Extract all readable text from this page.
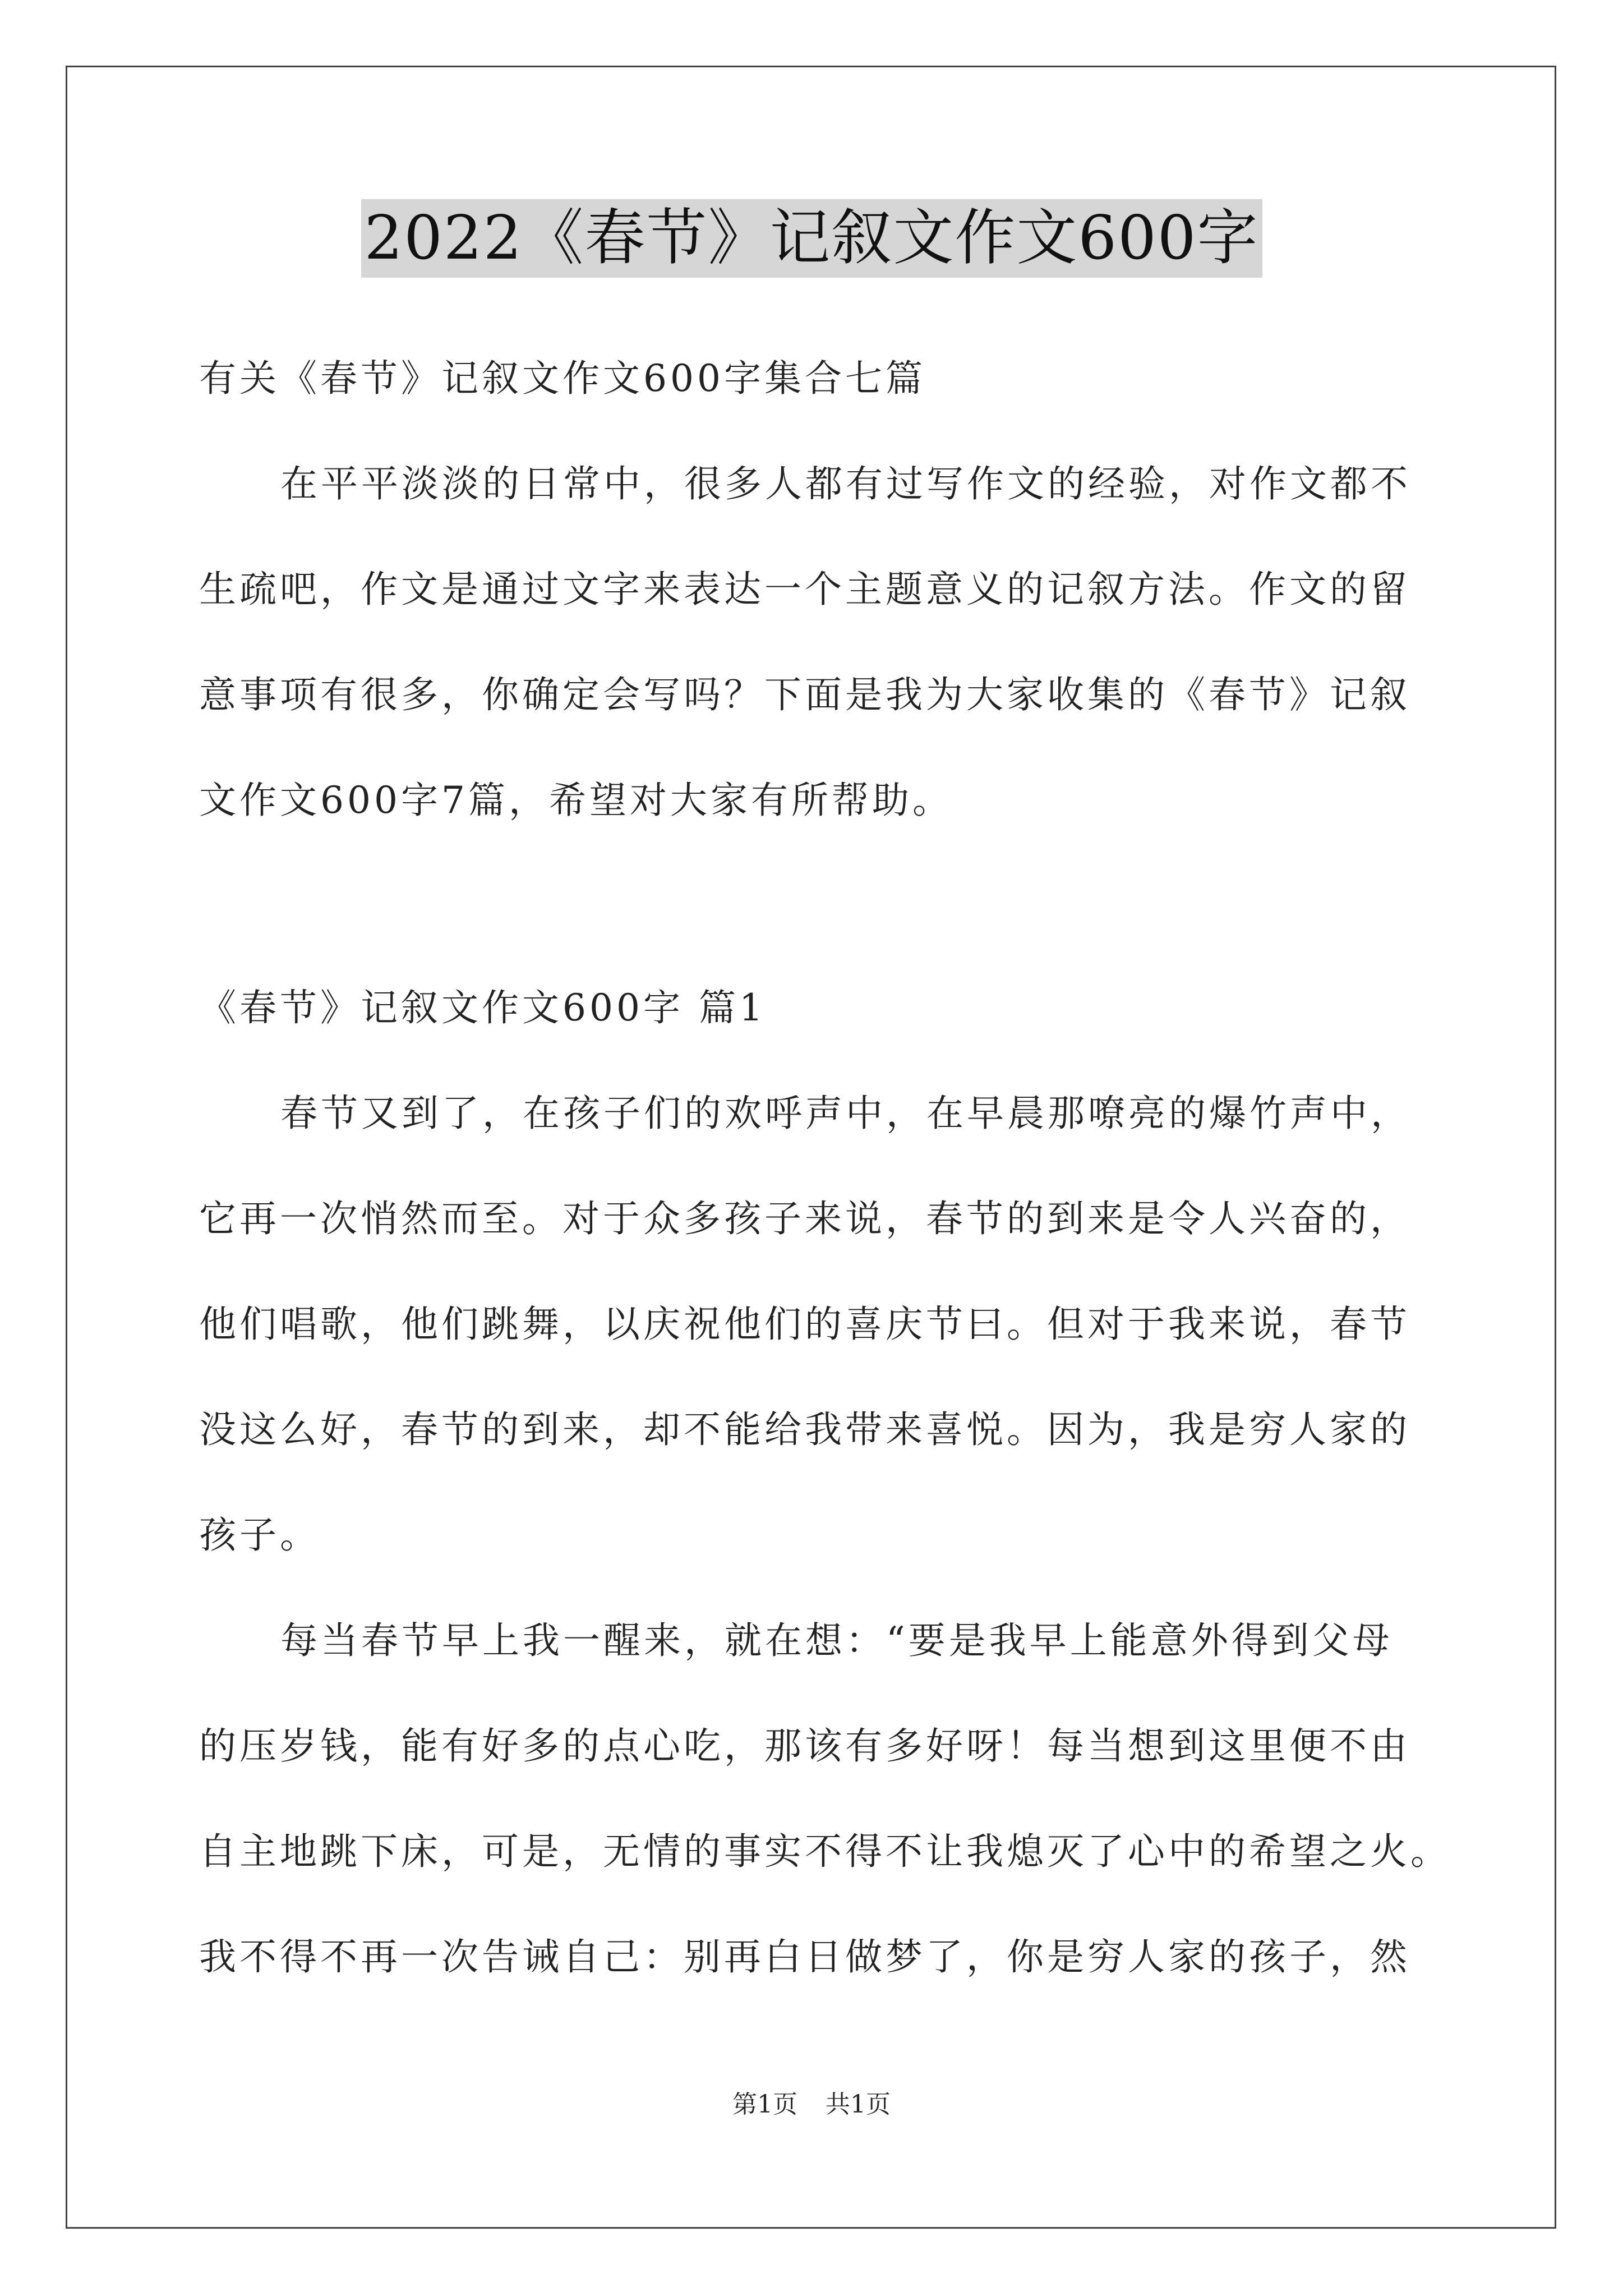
2022《春节》记叙文作文600字
有关《春节》记叙文作文600字集合七篇
在平平淡淡的日常中，很多人都有过写作文的经验，对作文都不
生疏吧，作文是通过文字来表达一个主题意义的记叙方法。作文的留
意事项有很多，你确定会写吗？下面是我为大家收集的《春节》记叙
文作文600字7篇，希望对大家有所帮助。
《春节》记叙文作文600字 篇1
春节又到了，在孩子们的欢呼声中，在早晨那嘹亮的爆竹声中，
它再一次悄然而至。对于众多孩子来说，春节的到来是令人兴奋的，
他们唱歌，他们跳舞，以庆祝他们的喜庆节曰。但对于我来说，春节
没这么好，春节的到来，却不能给我带来喜悦。因为，我是穷人家的
孩子。
每当春节早上我一醒来，就在想：“要是我早上能意外得到父母
的压岁钱，能有好多的点心吃，那该有多好呀！每当想到这里便不由
自主地跳下床，可是，无情的事实不得不让我熄灭了心中的希望之火。
我不得不再一次告诫自己：别再白日做梦了，你是穷人家的孩子，然
第1页 共1页
